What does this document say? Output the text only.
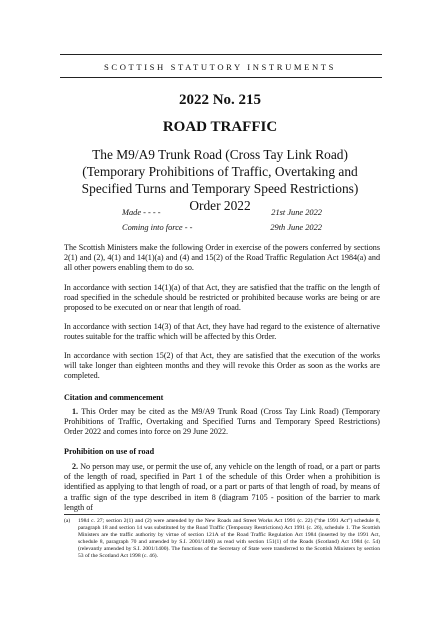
SCOTTISH STATUTORY INSTRUMENTS
2022 No. 215
ROAD TRAFFIC
The M9/A9 Trunk Road (Cross Tay Link Road) (Temporary Prohibitions of Traffic, Overtaking and Specified Turns and Temporary Speed Restrictions) Order 2022
Made - - - -	21st June 2022
Coming into force - -	29th June 2022

The Scottish Ministers make the following Order in exercise of the powers conferred by sections 2(1) and (2), 4(1) and 14(1)(a) and (4) and 15(2) of the Road Traffic Regulation Act 1984(a) and all other powers enabling them to do so.

In accordance with section 14(1)(a) of that Act, they are satisfied that the traffic on the length of road specified in the schedule should be restricted or prohibited because works are being or are proposed to be executed on or near that length of road.

In accordance with section 14(3) of that Act, they have had regard to the existence of alternative routes suitable for the traffic which will be affected by this Order.

In accordance with section 15(2) of that Act, they are satisfied that the execution of the works will take longer than eighteen months and they will revoke this Order as soon as the works are completed.

Citation and commencement

1. This Order may be cited as the M9/A9 Trunk Road (Cross Tay Link Road) (Temporary Prohibitions of Traffic, Overtaking and Specified Turns and Temporary Speed Restrictions) Order 2022 and comes into force on 29 June 2022.

Prohibition on use of road

2. No person may use, or permit the use of, any vehicle on the length of road, or a part or parts of the length of road, specified in Part 1 of the schedule of this Order when a prohibition is identified as applying to that length of road, or a part or parts of that length of road, by means of a traffic sign of the type described in item 8 (diagram 7105 - position of the barrier to mark length of

(a) 1984 c. 27; section 2(1) and (2) were amended by the New Roads and Street Works Act 1991 (c. 22) ("the 1991 Act") schedule 8, paragraph 18 and section 14 was substituted by the Road Traffic (Temporary Restrictions) Act 1991 (c. 26), schedule 1. The Scottish Ministers are the traffic authority by virtue of section 121A of the Road Traffic Regulation Act 1984 (inserted by the 1991 Act, schedule 8, paragraph 70 and amended by S.I. 2001/1400) as read with section 151(1) of the Roads (Scotland) Act 1984 (c. 54) (relevantly amended by S.I. 2001/1400). The functions of the Secretary of State were transferred to the Scottish Ministers by section 53 of the Scotland Act 1998 (c. 46).
